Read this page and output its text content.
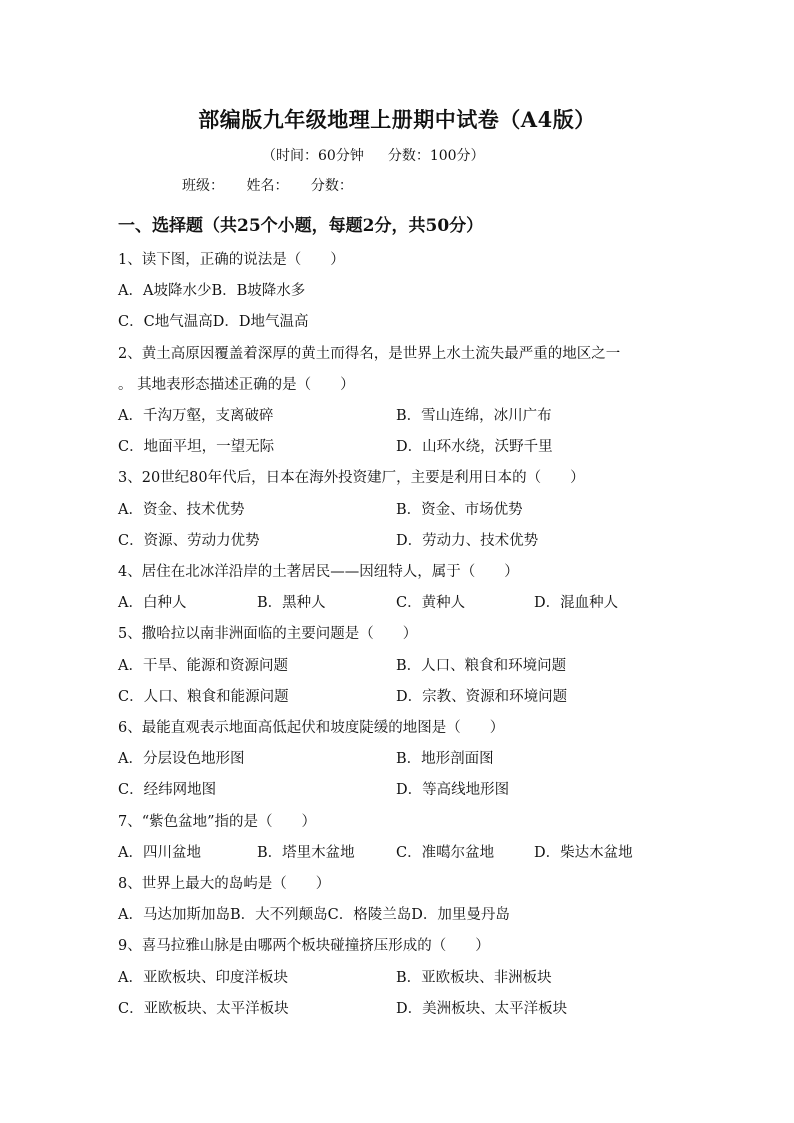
部编版九年级地理上册期中试卷（A4版）
（时间：60分钟 分数：100分）
班级： 姓名： 分数：
一、选择题（共25个小题，每题2分，共50分）
1、读下图，正确的说法是（　　）
A．A坡降水少B．B坡降水多
C．C地气温高D．D地气温高
2、黄土高原因覆盖着深厚的黄土而得名，是世界上水土流失最严重的地区之一
。 其地表形态描述正确的是（　　）
A．千沟万壑，支离破碎	B．雪山连绵，冰川广布
C．地面平坦，一望无际	D．山环水绕，沃野千里
3、20世纪80年代后，日本在海外投资建厂，主要是利用日本的（　　）
A．资金、技术优势	B．资金、市场优势
C．资源、劳动力优势	D．劳动力、技术优势
4、居住在北冰洋沿岸的土著居民——因纽特人，属于（　　）
A．白种人	B．黑种人	C．黄种人	D．混血种人
5、撒哈拉以南非洲面临的主要问题是（　　）
A．干旱、能源和资源问题	B．人口、粮食和环境问题
C．人口、粮食和能源问题	D．宗教、资源和环境问题
6、最能直观表示地面高低起伏和坡度陡缓的地图是（　　）
A．分层设色地形图	B．地形剖面图
C．经纬网地图	D．等高线地形图
7、“紫色盆地”指的是（　　）
A．四川盆地	B．塔里木盆地	C．准噶尔盆地	D．柴达木盆地
8、世界上最大的岛屿是（　　）
A．马达加斯加岛B．大不列颠岛C．格陵兰岛D．加里曼丹岛
9、喜马拉雅山脉是由哪两个板块碰撞挤压形成的（　　）
A．亚欧板块、印度洋板块	B．亚欧板块、非洲板块
C．亚欧板块、太平洋板块	D．美洲板块、太平洋板块
